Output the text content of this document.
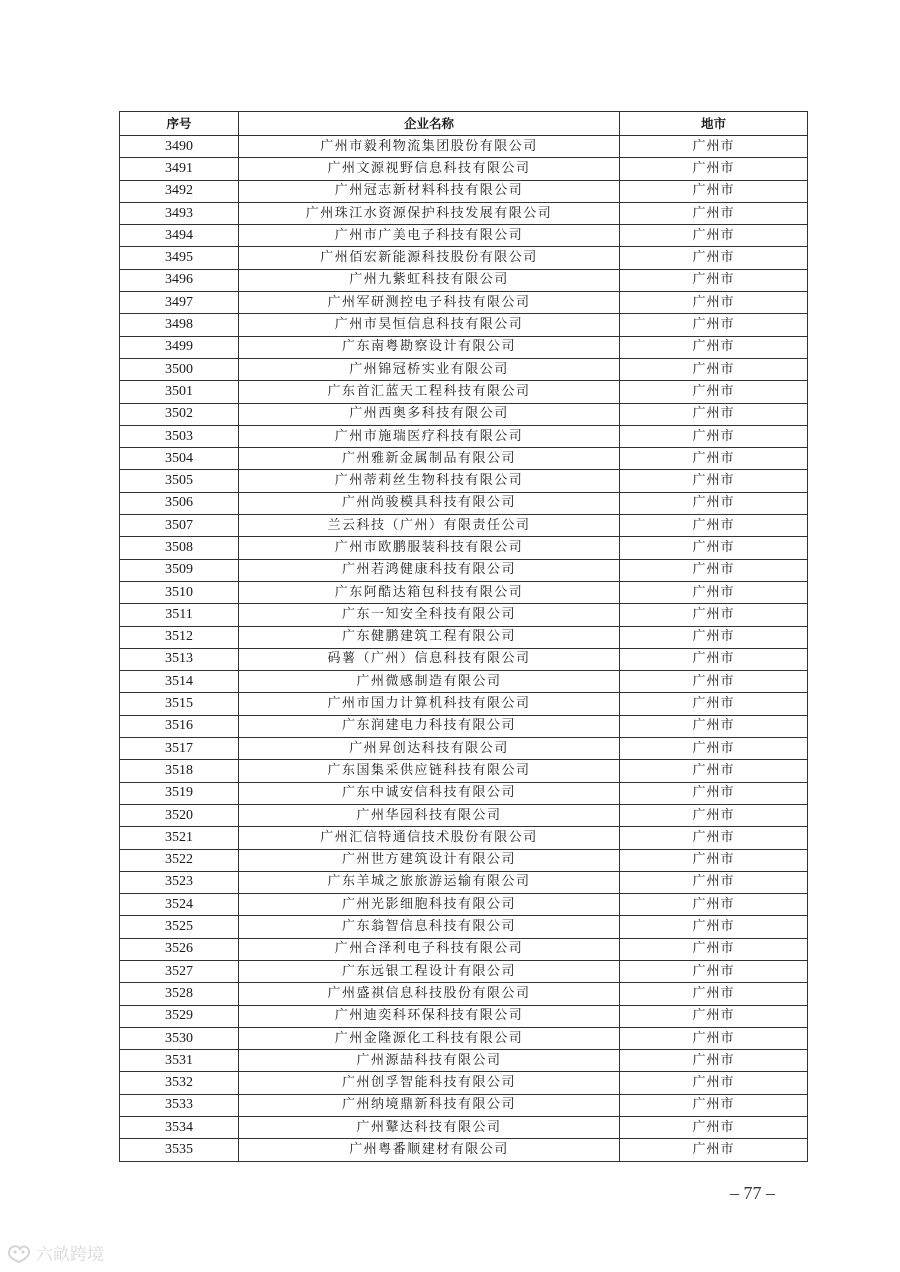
序号	企业名称	地市
3490	广州市毅利物流集团股份有限公司	广州市
3491	广州文源视野信息科技有限公司	广州市
3492	广州冠志新材料科技有限公司	广州市
3493	广州珠江水资源保护科技发展有限公司	广州市
3494	广州市广美电子科技有限公司	广州市
3495	广州佰宏新能源科技股份有限公司	广州市
3496	广州九紫虹科技有限公司	广州市
3497	广州军研测控电子科技有限公司	广州市
3498	广州市昊恒信息科技有限公司	广州市
3499	广东南粤勘察设计有限公司	广州市
3500	广州锦冠桥实业有限公司	广州市
3501	广东首汇蓝天工程科技有限公司	广州市
3502	广州西奥多科技有限公司	广州市
3503	广州市施瑞医疗科技有限公司	广州市
3504	广州雅新金属制品有限公司	广州市
3505	广州蒂莉丝生物科技有限公司	广州市
3506	广州尚骏模具科技有限公司	广州市
3507	兰云科技（广州）有限责任公司	广州市
3508	广州市欧鹏服装科技有限公司	广州市
3509	广州若鸿健康科技有限公司	广州市
3510	广东阿酷达箱包科技有限公司	广州市
3511	广东一知安全科技有限公司	广州市
3512	广东健鹏建筑工程有限公司	广州市
3513	码薯（广州）信息科技有限公司	广州市
3514	广州微感制造有限公司	广州市
3515	广州市国力计算机科技有限公司	广州市
3516	广东润建电力科技有限公司	广州市
3517	广州昇创达科技有限公司	广州市
3518	广东国集采供应链科技有限公司	广州市
3519	广东中诚安信科技有限公司	广州市
3520	广州华园科技有限公司	广州市
3521	广州汇信特通信技术股份有限公司	广州市
3522	广州世方建筑设计有限公司	广州市
3523	广东羊城之旅旅游运输有限公司	广州市
3524	广州光影细胞科技有限公司	广州市
3525	广东翁智信息科技有限公司	广州市
3526	广州合泽利电子科技有限公司	广州市
3527	广东远银工程设计有限公司	广州市
3528	广州盛祺信息科技股份有限公司	广州市
3529	广州迪奕科环保科技有限公司	广州市
3530	广州金隆源化工科技有限公司	广州市
3531	广州源喆科技有限公司	广州市
3532	广州创孚智能科技有限公司	广州市
3533	广州纳境鼎新科技有限公司	广州市
3534	广州鼙达科技有限公司	广州市
3535	广州粤番顺建材有限公司	广州市
– 77 –
六畝跨境
